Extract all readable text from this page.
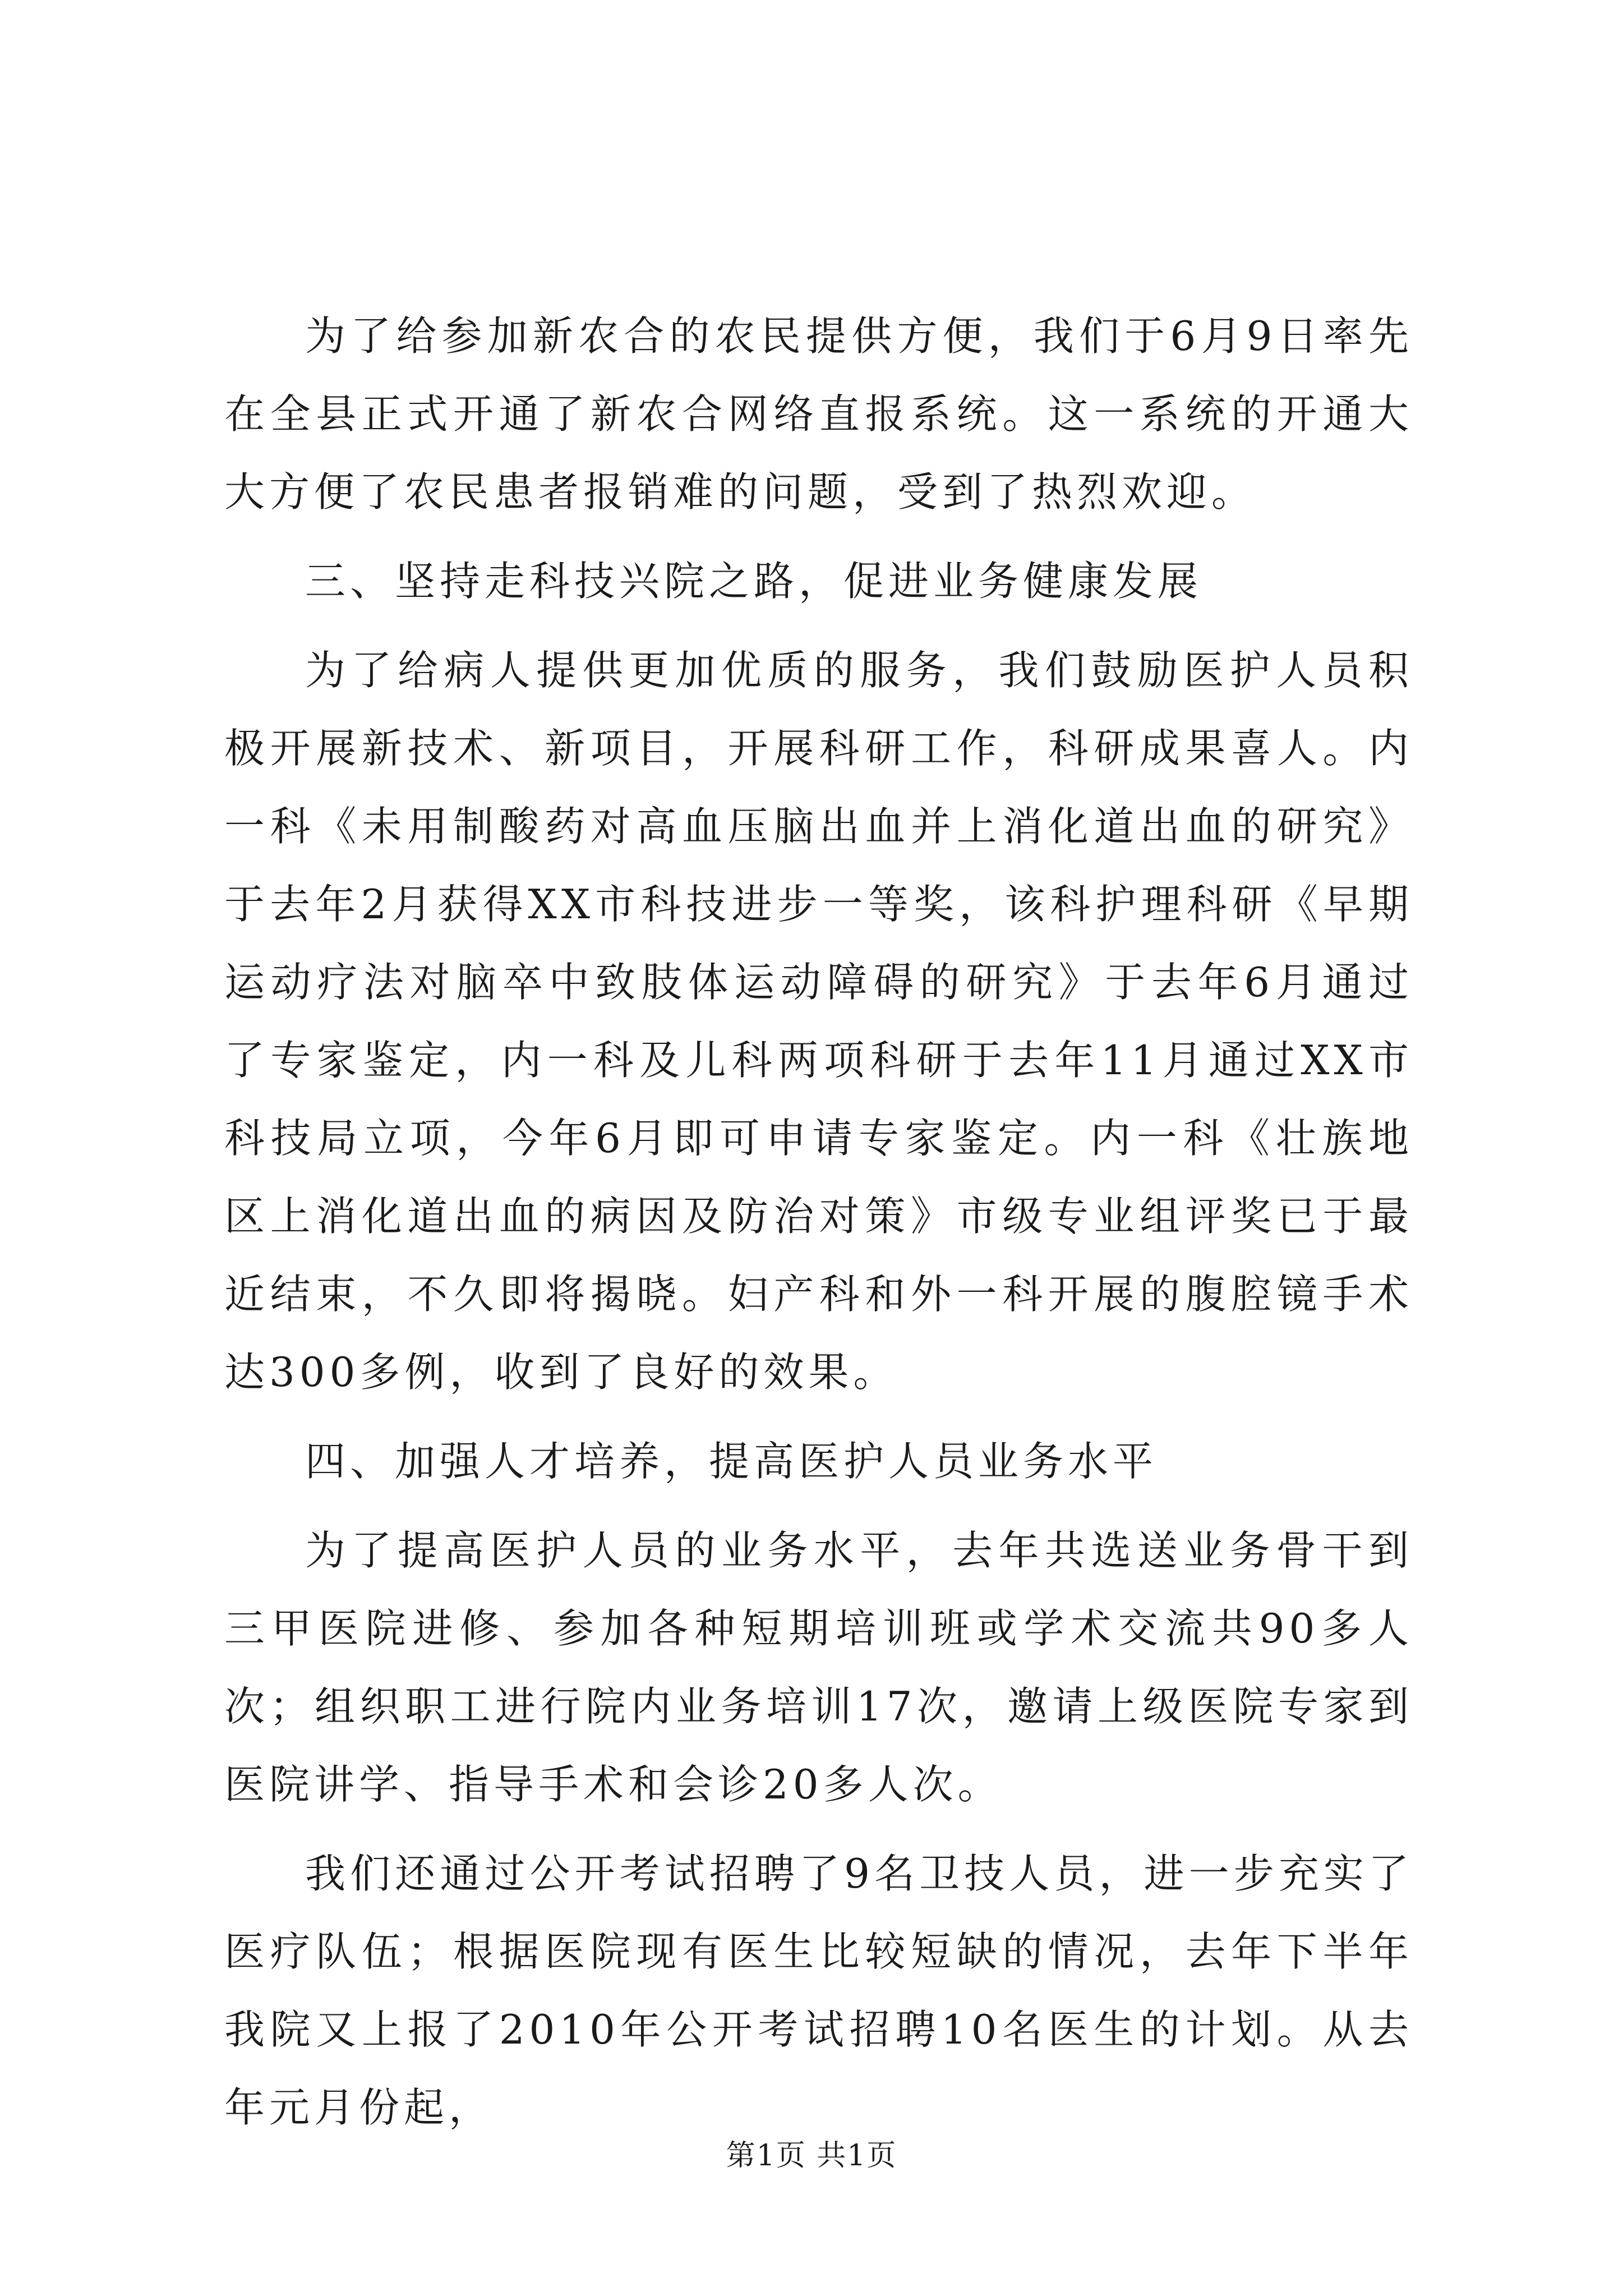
为了给参加新农合的农民提供方便，我们于6月9日率先在全县正式开通了新农合网络直报系统。这一系统的开通大大方便了农民患者报销难的问题，受到了热烈欢迎。

三、坚持走科技兴院之路，促进业务健康发展

为了给病人提供更加优质的服务，我们鼓励医护人员积极开展新技术、新项目，开展科研工作，科研成果喜人。内一科《未用制酸药对高血压脑出血并上消化道出血的研究》于去年2月获得XX市科技进步一等奖，该科护理科研《早期运动疗法对脑卒中致肢体运动障碍的研究》于去年6月通过了专家鉴定，内一科及儿科两项科研于去年11月通过XX市科技局立项，今年6月即可申请专家鉴定。内一科《壮族地区上消化道出血的病因及防治对策》市级专业组评奖已于最近结束，不久即将揭晓。妇产科和外一科开展的腹腔镜手术达300多例，收到了良好的效果。

四、加强人才培养，提高医护人员业务水平

为了提高医护人员的业务水平，去年共选送业务骨干到三甲医院进修、参加各种短期培训班或学术交流共90多人次；组织职工进行院内业务培训17次，邀请上级医院专家到医院讲学、指导手术和会诊20多人次。

我们还通过公开考试招聘了9名卫技人员，进一步充实了医疗队伍；根据医院现有医生比较短缺的情况，去年下半年我院又上报了2010年公开考试招聘10名医生的计划。从去年元月份起，

第1页 共1页
